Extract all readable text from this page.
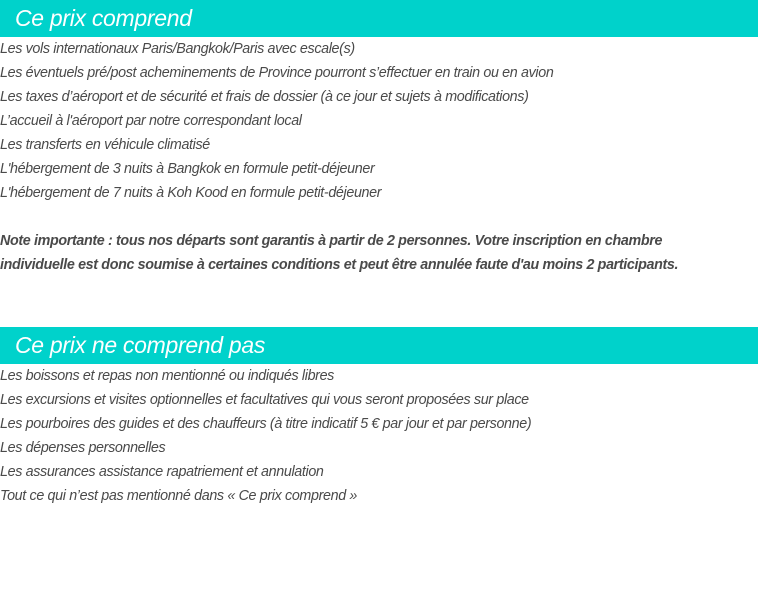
Ce prix comprend
Les vols internationaux Paris/Bangkok/Paris avec escale(s)
Les éventuels pré/post acheminements de Province pourront s’effectuer en train ou en avion
Les taxes d’aéroport et de sécurité et frais de dossier (à ce jour et sujets à modifications)
L’accueil à l'aéroport par notre correspondant local
Les transferts en véhicule climatisé
L'hébergement de 3 nuits à Bangkok en formule petit-déjeuner
L'hébergement de 7 nuits à Koh Kood en formule petit-déjeuner

Note importante : tous nos départs sont garantis à partir de 2 personnes. Votre inscription en chambre individuelle est donc soumise à certaines conditions et peut être annulée faute d'au moins 2 participants.

Ce prix ne comprend pas
Les boissons et repas non mentionné ou indiqués libres
Les excursions et visites optionnelles et facultatives qui vous seront proposées sur place
Les pourboires des guides et des chauffeurs (à titre indicatif 5 € par jour et par personne)
Les dépenses personnelles
Les assurances assistance rapatriement et annulation
Tout ce qui n’est pas mentionné dans « Ce prix comprend »
